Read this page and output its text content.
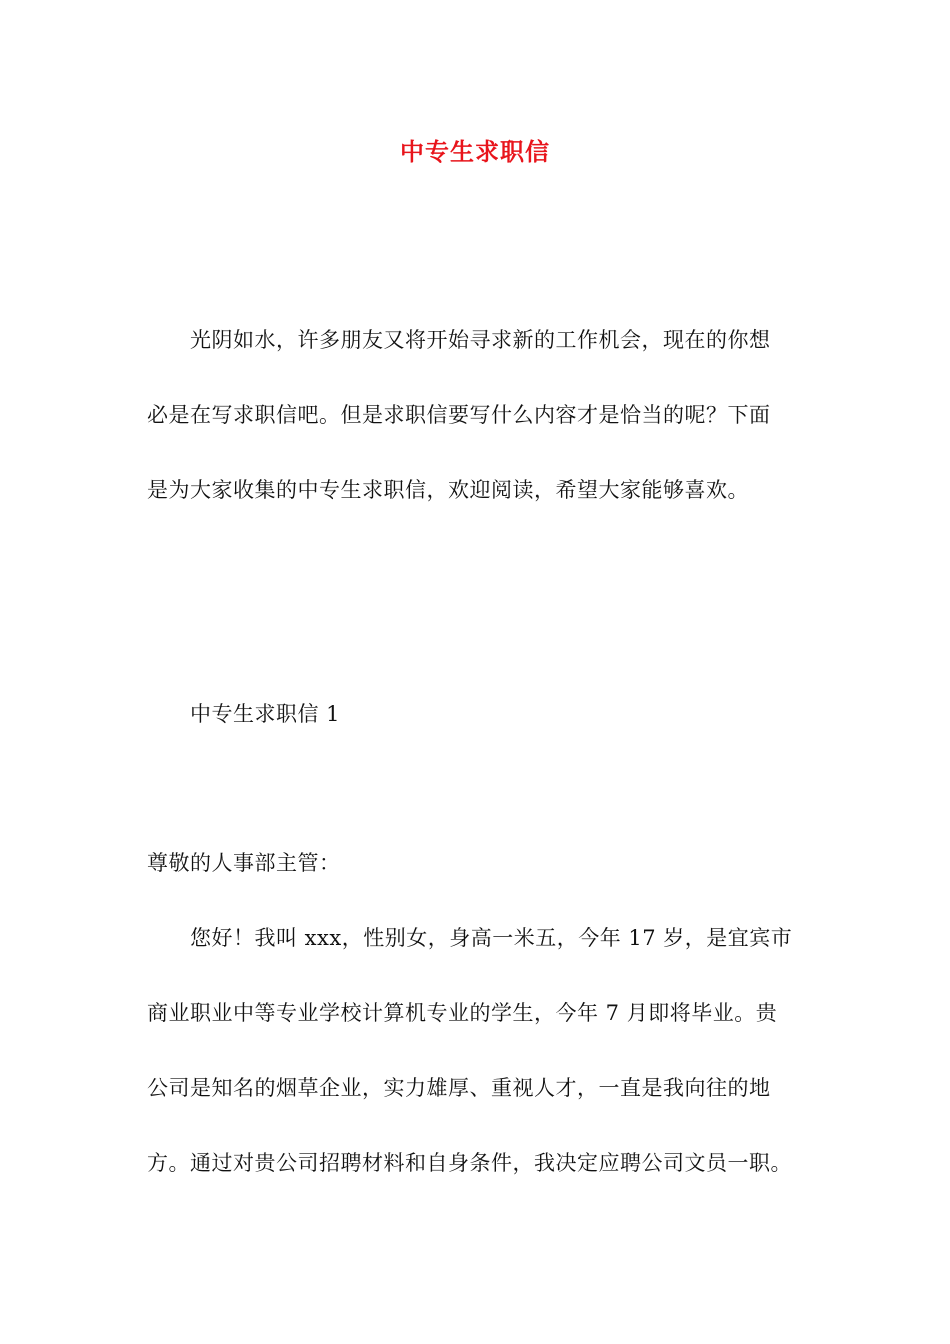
中专生求职信
光阴如水，许多朋友又将开始寻求新的工作机会，现在的你想
必是在写求职信吧。但是求职信要写什么内容才是恰当的呢？下面
是为大家收集的中专生求职信，欢迎阅读，希望大家能够喜欢。
中专生求职信 1
尊敬的人事部主管：
您好！我叫 xxx，性别女，身高一米五，今年 17 岁，是宜宾市
商业职业中等专业学校计算机专业的学生，今年 7 月即将毕业。贵
公司是知名的烟草企业，实力雄厚、重视人才，一直是我向往的地
方。通过对贵公司招聘材料和自身条件，我决定应聘公司文员一职。
